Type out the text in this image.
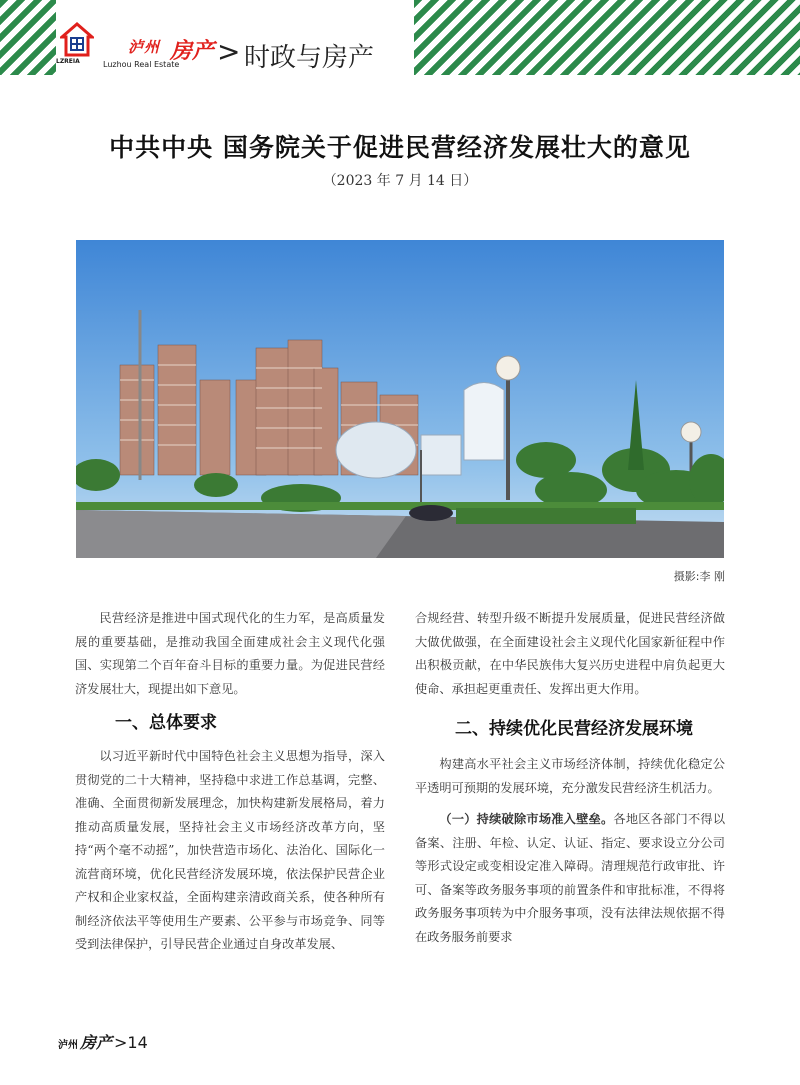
LZREIA
泸州 房产
Luzhou Real Estate > 时政与房产
中共中央 国务院关于促进民营经济发展壮大的意见
（2023 年 7 月 14 日）
摄影:李 刚

民营经济是推进中国式现代化的生力军，是高质量发展的重要基础，是推动我国全面建成社会主义现代化强国、实现第二个百年奋斗目标的重要力量。为促进民营经济发展壮大，现提出如下意见。

一、总体要求

以习近平新时代中国特色社会主义思想为指导，深入贯彻党的二十大精神，坚持稳中求进工作总基调，完整、准确、全面贯彻新发展理念，加快构建新发展格局，着力推动高质量发展，坚持社会主义市场经济改革方向，坚持“两个毫不动摇”，加快营造市场化、法治化、国际化一流营商环境，优化民营经济发展环境，依法保护民营企业产权和企业家权益，全面构建亲清政商关系，使各种所有制经济依法平等使用生产要素、公平参与市场竞争、同等受到法律保护，引导民营企业通过自身改革发展、

合规经营、转型升级不断提升发展质量，促进民营经济做大做优做强，在全面建设社会主义现代化国家新征程中作出积极贡献，在中华民族伟大复兴历史进程中肩负起更大使命、承担起更重责任、发挥出更大作用。

二、持续优化民营经济发展环境

构建高水平社会主义市场经济体制，持续优化稳定公平透明可预期的发展环境，充分激发民营经济生机活力。

（一）持续破除市场准入壁垒。各地区各部门不得以备案、注册、年检、认定、认证、指定、要求设立分公司等形式设定或变相设定准入障碍。清理规范行政审批、许可、备案等政务服务事项的前置条件和审批标准，不得将政务服务事项转为中介服务事项，没有法律法规依据不得在政务服务前要求

泸州 房产 >14
